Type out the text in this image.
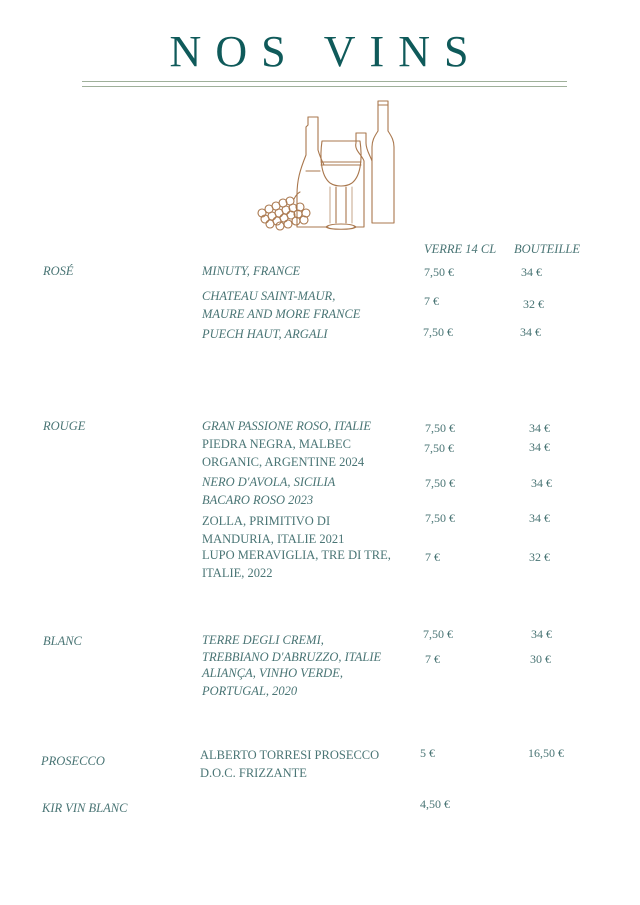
NOS VINS
VERRE 14 CL BOUTEILLE
ROSÉ	MINUTY, FRANCE	7,50 €	34 €
CHATEAU SAINT-MAUR,
MAURE AND MORE FRANCE
7 €	32 €
PUECH HAUT, ARGALI	7,50 €	34 €
ROUGE	GRAN PASSIONE ROSO, ITALIE	7,50 €	34 €
PIEDRA NEGRA, MALBEC
ORGANIC, ARGENTINE 2024
7,50 €	34 €
NERO D'AVOLA, SICILIA
BACARO ROSO 2023
7,50 €	34 €
ZOLLA, PRIMITIVO DI
MANDURIA, ITALIE 2021
7,50 €	34 €
LUPO MERAVIGLIA, TRE DI TRE,
ITALIE, 2022
7 €	32 €
BLANC	TERRE DEGLI CREMI,
TREBBIANO D'ABRUZZO, ITALIE
7,50 €	34 €
ALIANÇA, VINHO VERDE,
PORTUGAL, 2020
7 €	30 €
PROSECCO	ALBERTO TORRESI PROSECCO
D.O.C. FRIZZANTE
5 €	16,50 €
KIR VIN BLANC	4,50 €
